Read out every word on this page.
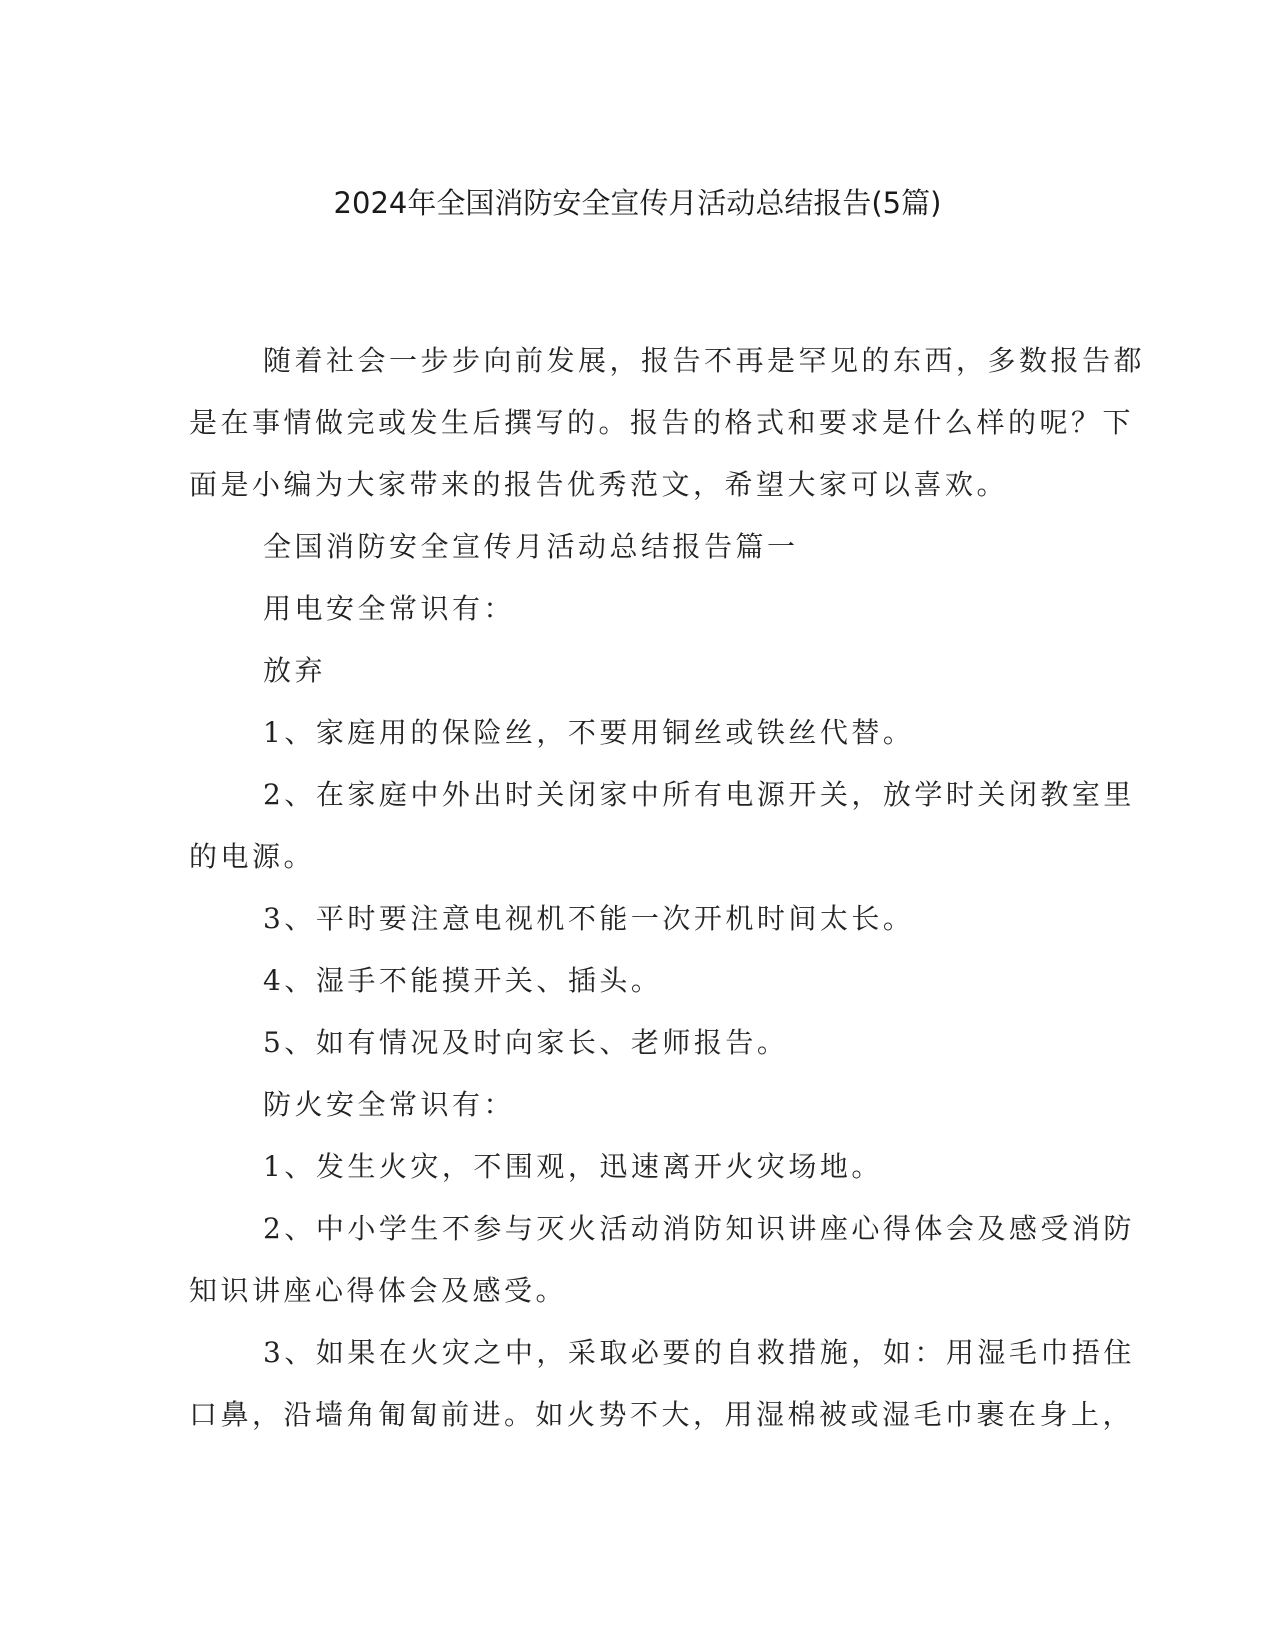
2024年全国消防安全宣传月活动总结报告(5篇)

随着社会一步步向前发展，报告不再是罕见的东西，多数报告都
是在事情做完或发生后撰写的。报告的格式和要求是什么样的呢？下
面是小编为大家带来的报告优秀范文，希望大家可以喜欢。

全国消防安全宣传月活动总结报告篇一

用电安全常识有：

放弃

1、家庭用的保险丝，不要用铜丝或铁丝代替。

2、在家庭中外出时关闭家中所有电源开关，放学时关闭教室里
的电源。

3、平时要注意电视机不能一次开机时间太长。

4、湿手不能摸开关、插头。

5、如有情况及时向家长、老师报告。

防火安全常识有：

1、发生火灾，不围观，迅速离开火灾场地。

2、中小学生不参与灭火活动消防知识讲座心得体会及感受消防
知识讲座心得体会及感受。

3、如果在火灾之中，采取必要的自救措施，如：用湿毛巾捂住
口鼻，沿墙角匍匐前进。如火势不大，用湿棉被或湿毛巾裹在身上，
